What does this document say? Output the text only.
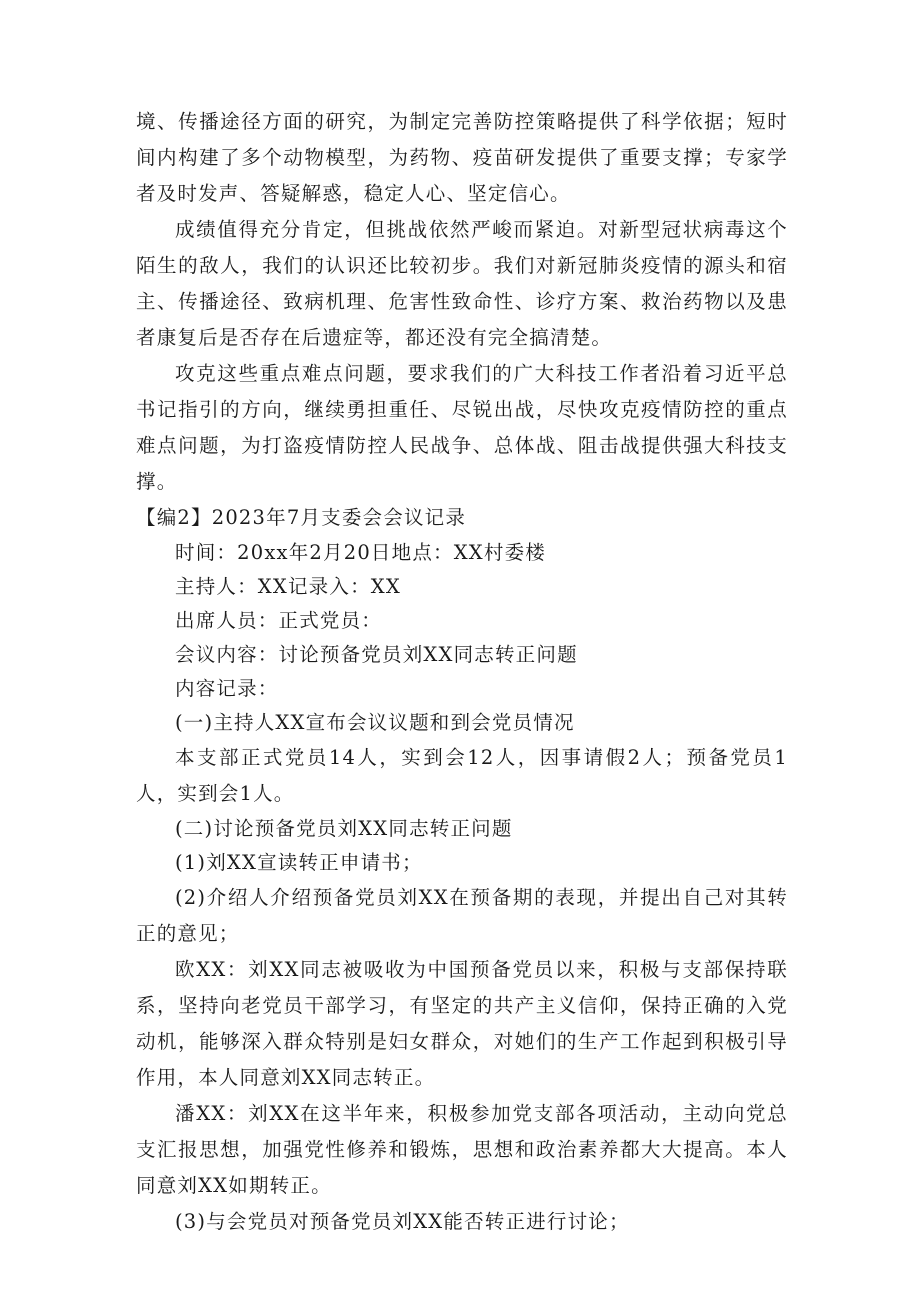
境、传播途径方面的研究，为制定完善防控策略提供了科学依据；短时间内构建了多个动物模型，为药物、疫苗研发提供了重要支撑；专家学者及时发声、答疑解惑，稳定人心、坚定信心。

成绩值得充分肯定，但挑战依然严峻而紧迫。对新型冠状病毒这个陌生的敌人，我们的认识还比较初步。我们对新冠肺炎疫情的源头和宿主、传播途径、致病机理、危害性致命性、诊疗方案、救治药物以及患者康复后是否存在后遗症等，都还没有完全搞清楚。

攻克这些重点难点问题，要求我们的广大科技工作者沿着习近平总书记指引的方向，继续勇担重任、尽锐出战，尽快攻克疫情防控的重点难点问题，为打盗疫情防控人民战争、总体战、阻击战提供强大科技支撑。

【编2】2023年7月支委会会议记录

时间：20xx年2月20日地点：XX村委楼

主持人：XX记录入：XX

出席人员：正式党员：

会议内容：讨论预备党员刘XX同志转正问题

内容记录：

(一)主持人XX宣布会议议题和到会党员情况

本支部正式党员14人，实到会12人，因事请假2人；预备党员1人，实到会1人。

(二)讨论预备党员刘XX同志转正问题

(1)刘XX宣读转正申请书；

(2)介绍人介绍预备党员刘XX在预备期的表现，并提出自己对其转正的意见；

欧XX：刘XX同志被吸收为中国预备党员以来，积极与支部保持联系，坚持向老党员干部学习，有坚定的共产主义信仰，保持正确的入党动机，能够深入群众特别是妇女群众，对她们的生产工作起到积极引导作用，本人同意刘XX同志转正。

潘XX：刘XX在这半年来，积极参加党支部各项活动，主动向党总支汇报思想，加强党性修养和锻炼，思想和政治素养都大大提高。本人同意刘XX如期转正。

(3)与会党员对预备党员刘XX能否转正进行讨论；
